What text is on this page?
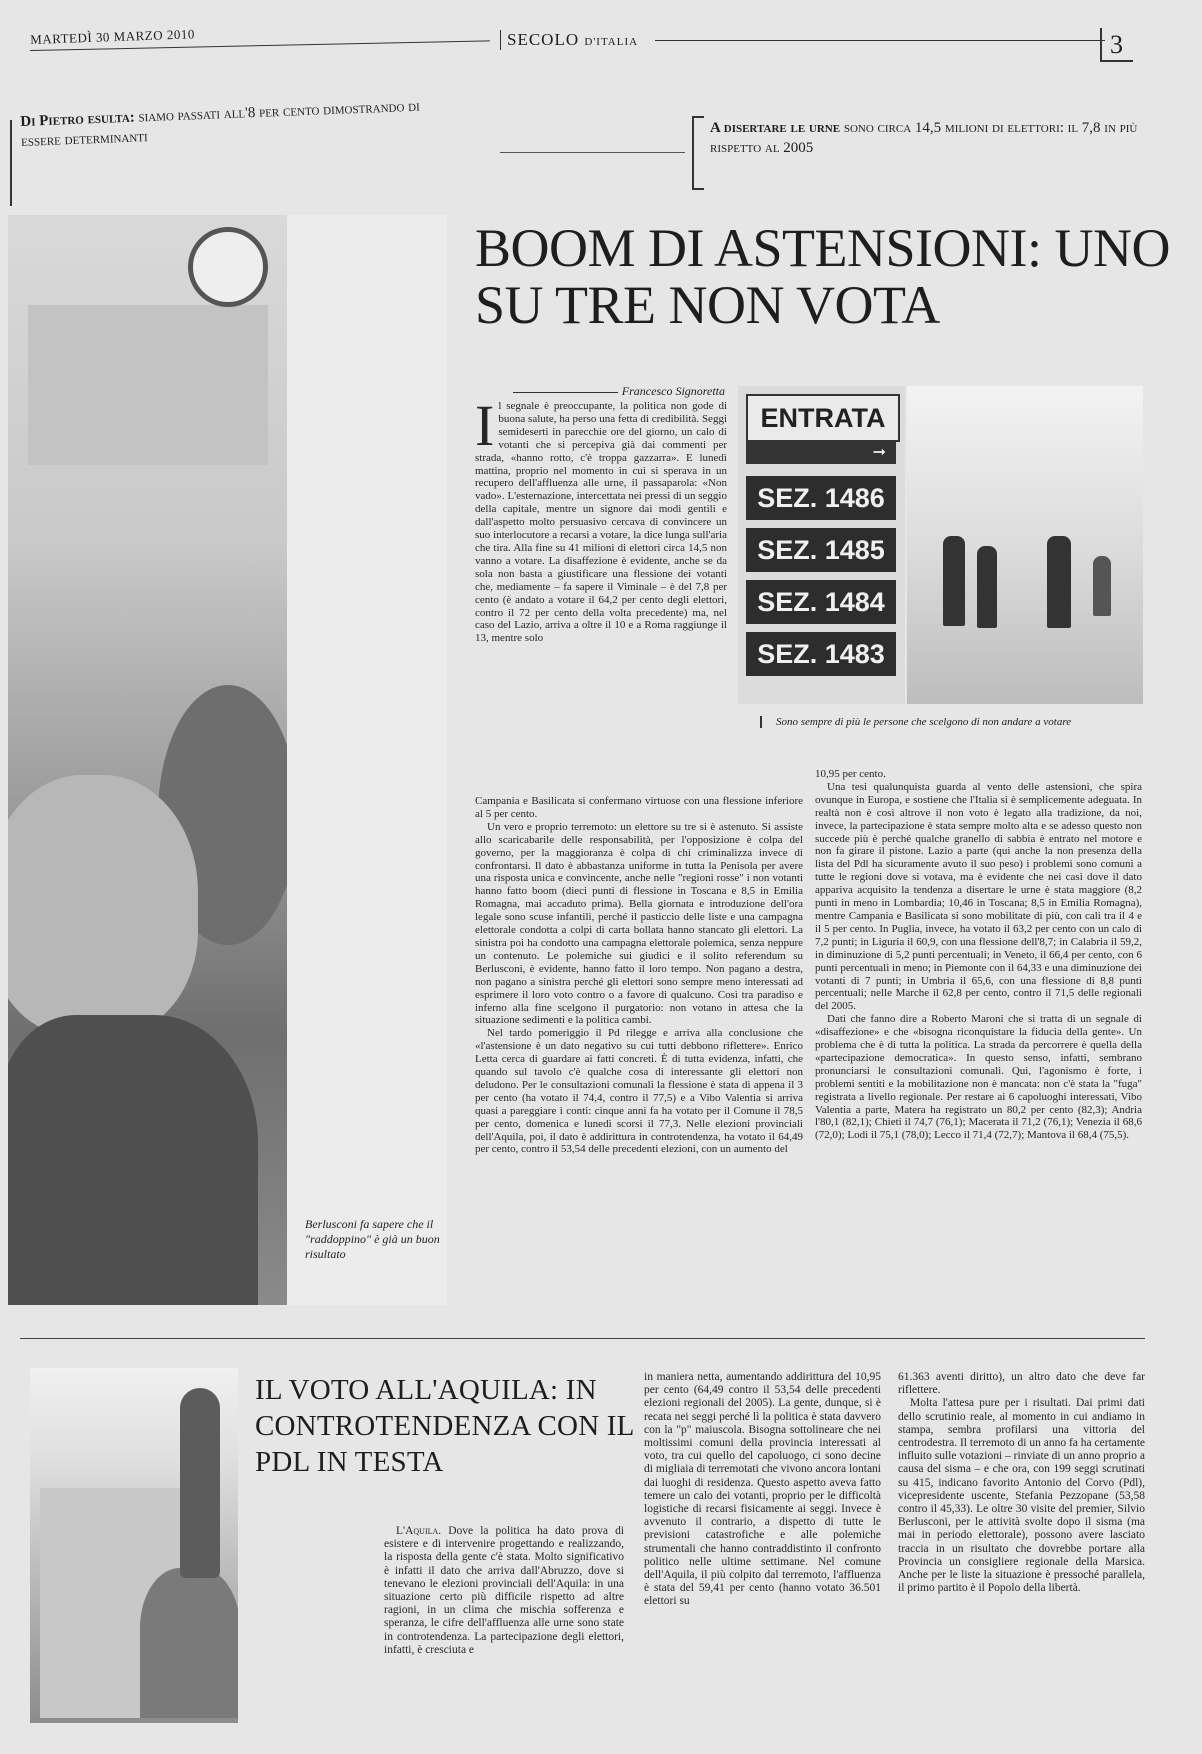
MARTEDÌ 30 MARZO 2010	SECOLO D'ITALIA	3
Di Pietro esulta: siamo passati all'8 per cento dimostrando di essere determinanti
A disertare le urne sono circa 14,5 milioni di elettori: il 7,8 in più rispetto al 2005
Berlusconi fa sapere che il "raddoppino" è già un buon risultato
BOOM DI ASTENSIONI: UNO SU TRE NON VOTA
Francesco Signoretta
I l segnale è preoccupante, la politica non gode di buona salute, ha perso una fetta di credibilità. Seggi semideserti in parecchie ore del giorno, un calo di votanti che si percepiva già dai commenti per strada, «hanno rotto, c'è troppa gazzarra». E lunedì mattina, proprio nel momento in cui si sperava in un recupero dell'affluenza alle urne, il passaparola: «Non vado». L'esternazione, intercettata nei pressi di un seggio della capitale, mentre un signore dai modi gentili e dall'aspetto molto persuasivo cercava di convincere un suo interlocutore a recarsi a votare, la dice lunga sull'aria che tira. Alla fine su 41 milioni di elettori circa 14,5 non vanno a votare. La disaffezione è evidente, anche se da sola non basta a giustificare una flessione dei votanti che, mediamente – fa sapere il Viminale – è del 7,8 per cento (è andato a votare il 64,2 per cento degli elettori, contro il 72 per cento della volta precedente) ma, nel caso del Lazio, arriva a oltre il 10 e a Roma raggiunge il 13, mentre solo

Campania e Basilicata si confermano virtuose con una flessione inferiore al 5 per cento.

Un vero e proprio terremoto: un elettore su tre si è astenuto. Si assiste allo scaricabarile delle responsabilità, per l'opposizione è colpa del governo, per la maggioranza è colpa di chi criminalizza invece di confrontarsi. Il dato è abbastanza uniforme in tutta la Penisola per avere una risposta unica e convincente, anche nelle "regioni rosse" i non votanti hanno fatto boom (dieci punti di flessione in Toscana e 8,5 in Emilia Romagna, mai accaduto prima). Bella giornata e introduzione dell'ora legale sono scuse infantili, perché il pasticcio delle liste e una campagna elettorale condotta a colpi di carta bollata hanno stancato gli elettori. La sinistra poi ha condotto una campagna elettorale polemica, senza neppure un contenuto. Le polemiche sui giudici e il solito referendum su Berlusconi, è evidente, hanno fatto il loro tempo. Non pagano a destra, non pagano a sinistra perché gli elettori sono sempre meno interessati ad esprimere il loro voto contro o a favore di qualcuno. Così tra paradiso e inferno alla fine scelgono il purgatorio: non votano in attesa che la situazione sedimenti e la politica cambi.

Nel tardo pomeriggio il Pd rilegge e arriva alla conclusione che «l'astensione è un dato negativo su cui tutti debbono riflettere». Enrico Letta cerca di guardare ai fatti concreti. È di tutta evidenza, infatti, che quando sul tavolo c'è qualche cosa di interessante gli elettori non deludono. Per le consultazioni comunali la flessione è stata di appena il 3 per cento (ha votato il 74,4, contro il 77,5) e a Vibo Valentia si arriva quasi a pareggiare i conti: cinque anni fa ha votato per il Comune il 78,5 per cento, domenica e lunedì scorsi il 77,3. Nelle elezioni provinciali dell'Aquila, poi, il dato è addirittura in controtendenza, ha votato il 64,49 per cento, contro il 53,54 delle precedenti elezioni, con un aumento del

10,95 per cento.

Una tesi qualunquista guarda al vento delle astensioni, che spira ovunque in Europa, e sostiene che l'Italia si è semplicemente adeguata. In realtà non è così altrove il non voto è legato alla tradizione, da noi, invece, la partecipazione è stata sempre molto alta e se adesso questo non succede più è perché qualche granello di sabbia è entrato nel motore e non fa girare il pistone. Lazio a parte (qui anche la non presenza della lista del Pdl ha sicuramente avuto il suo peso) i problemi sono comuni a tutte le regioni dove si votava, ma è evidente che nei casi dove il dato appariva acquisito la tendenza a disertare le urne è stata maggiore (8,2 punti in meno in Lombardia; 10,46 in Toscana; 8,5 in Emilia Romagna), mentre Campania e Basilicata si sono mobilitate di più, con cali tra il 4 e il 5 per cento. In Puglia, invece, ha votato il 63,2 per cento con un calo di 7,2 punti; in Liguria il 60,9, con una flessione dell'8,7; in Calabria il 59,2, in diminuzione di 5,2 punti percentuali; in Veneto, il 66,4 per cento, con 6 punti percentuali in meno; in Piemonte con il 64,33 e una diminuzione dei votanti di 7 punti; in Umbria il 65,6, con una flessione di 8,8 punti percentuali; nelle Marche il 62,8 per cento, contro il 71,5 delle regionali del 2005.

Dati che fanno dire a Roberto Maroni che si tratta di un segnale di «disaffezione» e che «bisogna riconquistare la fiducia della gente». Un problema che è di tutta la politica. La strada da percorrere è quella della «partecipazione democratica». In questo senso, infatti, sembrano pronunciarsi le consultazioni comunali. Qui, l'agonismo è forte, i problemi sentiti e la mobilitazione non è mancata: non c'è stata la "fuga" registrata a livello regionale. Per restare ai 6 capoluoghi interessati, Vibo Valentia a parte, Matera ha registrato un 80,2 per cento (82,3); Andria l'80,1 (82,1); Chieti il 74,7 (76,1); Macerata il 71,2 (76,1); Venezia il 68,6 (72,0); Lodi il 75,1 (78,0); Lecco il 71,4 (72,7); Mantova il 68,4 (75,5).

ENTRATA
➞
SEZ. 1486
SEZ. 1485
SEZ. 1484
SEZ. 1483
Sono sempre di più le persone che scelgono di non andare a votare
IL VOTO ALL'AQUILA: IN CONTROTENDENZA CON IL PDL IN TESTA

L'Aquila. Dove la politica ha dato prova di esistere e di intervenire progettando e realizzando, la risposta della gente c'è stata. Molto significativo è infatti il dato che arriva dall'Abruzzo, dove si tenevano le elezioni provinciali dell'Aquila: in una situazione certo più difficile rispetto ad altre ragioni, in un clima che mischia sofferenza e speranza, le cifre dell'affluenza alle urne sono state in controtendenza. La partecipazione degli elettori, infatti, è cresciuta e

in maniera netta, aumentando addirittura del 10,95 per cento (64,49 contro il 53,54 delle precedenti elezioni regionali del 2005). La gente, dunque, si è recata nei seggi perché lì la politica è stata davvero con la "p" maiuscola. Bisogna sottolineare che nei moltissimi comuni della provincia interessati al voto, tra cui quello del capoluogo, ci sono decine di migliaia di terremotati che vivono ancora lontani dai luoghi di residenza. Questo aspetto aveva fatto temere un calo dei votanti, proprio per le difficoltà logistiche di recarsi fisicamente ai seggi. Invece è avvenuto il contrario, a dispetto di tutte le previsioni catastrofiche e alle polemiche strumentali che hanno contraddistinto il confronto politico nelle ultime settimane. Nel comune dell'Aquila, il più colpito dal terremoto, l'affluenza è stata del 59,41 per cento (hanno votato 36.501 elettori su

61.363 aventi diritto), un altro dato che deve far riflettere.

Molta l'attesa pure per i risultati. Dai primi dati dello scrutinio reale, al momento in cui andiamo in stampa, sembra profilarsi una vittoria del centrodestra. Il terremoto di un anno fa ha certamente influito sulle votazioni – rinviate di un anno proprio a causa del sisma – e che ora, con 199 seggi scrutinati su 415, indicano favorito Antonio del Corvo (Pdl), vicepresidente uscente, Stefania Pezzopane (53,58 contro il 45,33). Le oltre 30 visite del premier, Silvio Berlusconi, per le attività svolte dopo il sisma (ma mai in periodo elettorale), possono avere lasciato traccia in un risultato che dovrebbe portare alla Provincia un consigliere regionale della Marsica. Anche per le liste la situazione è pressoché parallela, il primo partito è il Popolo della libertà.
